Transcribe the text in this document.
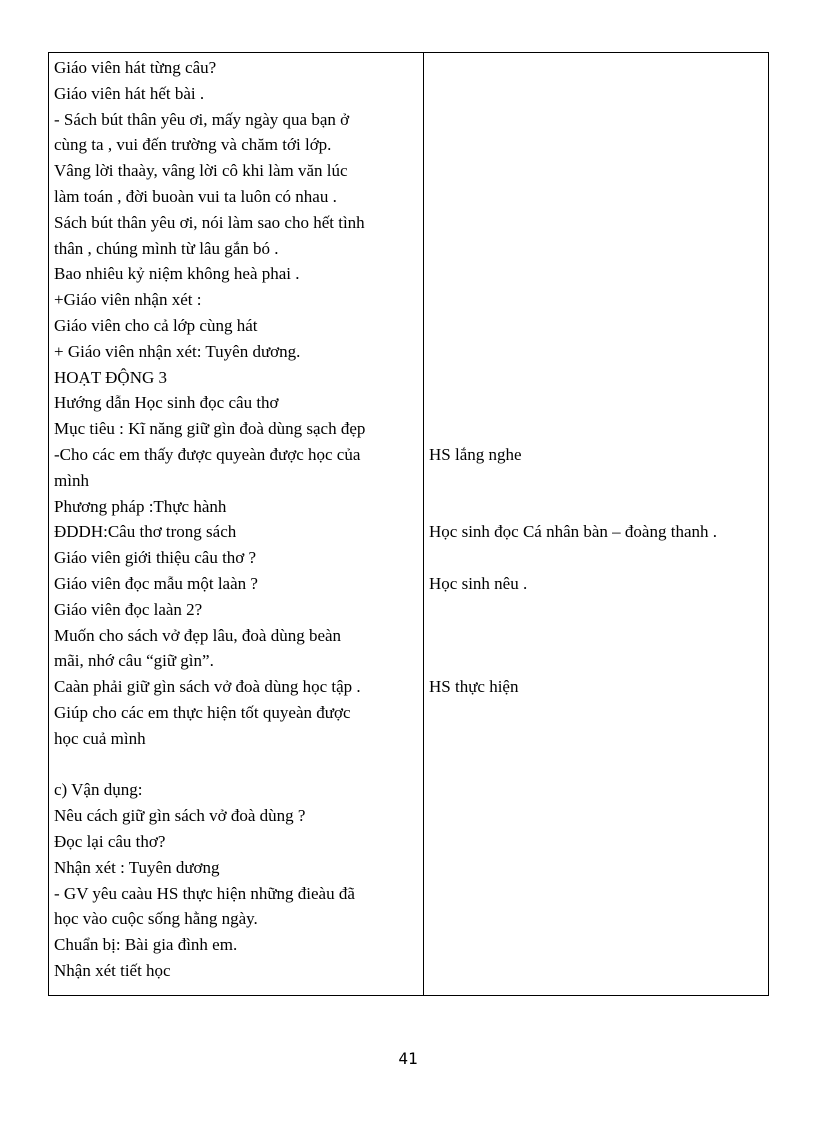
Giáo viên hát từng câu?
Giáo viên hát hết bài .
- Sách bút thân yêu ơi, mấy ngày qua bạn ở
cùng ta , vui đến trường và chăm tới lớp.
Vâng lời thaày, vâng lời cô khi làm văn lúc
làm toán , đời buoàn vui ta luôn có nhau .
Sách bút thân yêu ơi, nói làm sao cho hết tình
thân , chúng mình từ lâu gắn bó .
Bao nhiêu kỷ niệm không heà phai .
+Giáo viên nhận xét :
Giáo viên cho cả lớp cùng hát
+ Giáo viên nhận xét: Tuyên dương.
HOẠT ĐỘNG 3
Hướng dẫn Học sinh đọc câu thơ
Mục tiêu : Kĩ năng giữ gìn đoà dùng sạch đẹp
-Cho các em thấy được quyeàn được học của
mình
Phương pháp :Thực hành
ĐDDH:Câu thơ trong sách
Giáo viên giới thiệu câu thơ ?
Giáo viên đọc mẫu một laàn ?
Giáo viên đọc laàn 2?
Muốn cho sách vở đẹp lâu, đoà dùng beàn
mãi, nhớ câu “giữ gìn”.
Caàn phải giữ gìn sách vở đoà dùng học tập .
Giúp cho các em thực hiện tốt quyeàn được
học cuả mình
c) Vận dụng:
Nêu cách giữ gìn sách vở đoà dùng ?
Đọc lại câu thơ?
Nhận xét : Tuyên dương
- GV yêu caàu HS thực hiện những đieàu đã
học vào cuộc sống hằng ngày.
Chuẩn bị: Bài gia đình em.
Nhận xét tiết học
HS lắng nghe
Học sinh đọc Cá nhân bàn – đoàng thanh .
Học sinh nêu .
HS thực hiện
41
